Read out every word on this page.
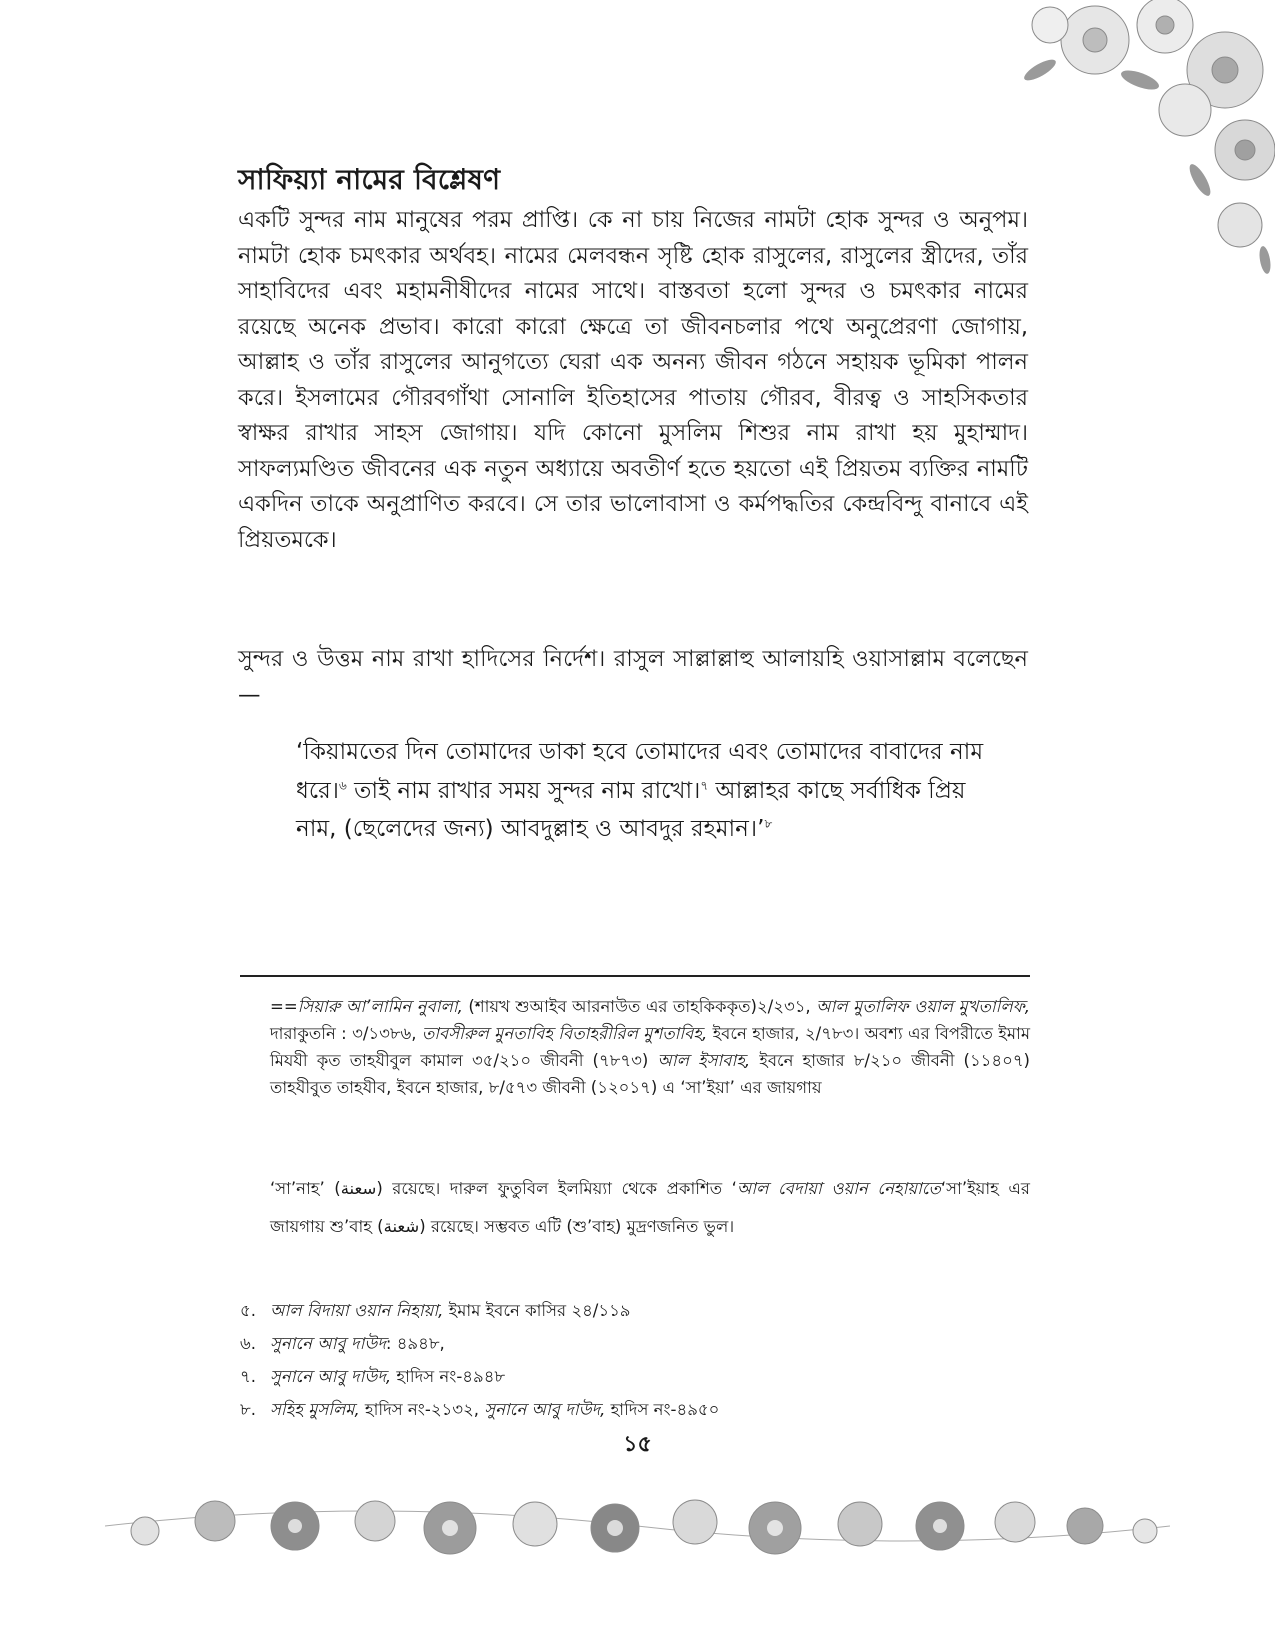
সাফিয়্যা নামের বিশ্লেষণ
একটি সুন্দর নাম মানুষের পরম প্রাপ্তি। কে না চায় নিজের নামটা হোক সুন্দর ও অনুপম। নামটা হোক চমৎকার অর্থবহ। নামের মেলবন্ধন সৃষ্টি হোক রাসুলের, রাসুলের স্ত্রীদের, তাঁর সাহাবিদের এবং মহামনীষীদের নামের সাথে। বাস্তবতা হলো সুন্দর ও চমৎকার নামের রয়েছে অনেক প্রভাব। কারো কারো ক্ষেত্রে তা জীবনচলার পথে অনুপ্রেরণা জোগায়, আল্লাহ ও তাঁর রাসুলের আনুগত্যে ঘেরা এক অনন্য জীবন গঠনে সহায়ক ভূমিকা পালন করে। ইসলামের গৌরবগাঁথা সোনালি ইতিহাসের পাতায় গৌরব, বীরত্ব ও সাহসিকতার স্বাক্ষর রাখার সাহস জোগায়। যদি কোনো মুসলিম শিশুর নাম রাখা হয় মুহাম্মাদ। সাফল্যমণ্ডিত জীবনের এক নতুন অধ্যায়ে অবতীর্ণ হতে হয়তো এই প্রিয়তম ব্যক্তির নামটি একদিন তাকে অনুপ্রাণিত করবে। সে তার ভালোবাসা ও কর্মপদ্ধতির কেন্দ্রবিন্দু বানাবে এই প্রিয়তমকে।
সুন্দর ও উত্তম নাম রাখা হাদিসের নির্দেশ। রাসুল সাল্লাল্লাহু আলায়হি ওয়াসাল্লাম বলেছেন—
‘কিয়ামতের দিন তোমাদের ডাকা হবে তোমাদের এবং তোমাদের বাবাদের নাম ধরে।$^৬$ তাই নাম রাখার সময় সুন্দর নাম রাখো।$^৭$ আল্লাহর কাছে সর্বাধিক প্রিয় নাম, (ছেলেদের জন্য) আবদুল্লাহ ও আবদুর রহমান।’$^৮$
==সিয়ারু আ’লামিন নুবালা, (শায়খ শুআইব আরনাউত এর তাহকিককৃত)২/২৩১, আল মুতালিফ ওয়াল মুখতালিফ, দারাকুতনি : ৩/১৩৮৬, তাবসীরুল মুনতাবিহ বিতাহরীরিল মুশতাবিহ, ইবনে হাজার, ২/৭৮৩। অবশ্য এর বিপরীতে ইমাম মিযযী কৃত তাহযীবুল কামাল ৩৫/২১০ জীবনী (৭৮৭৩) আল ইসাবাহ, ইবনে হাজার ৮/২১০ জীবনী (১১৪০৭) তাহযীবুত তাহযীব, ইবনে হাজার, ৮/৫৭৩ জীবনী (১২০১৭) এ ‘সা’ইয়া’ এর জায়গায়
‘সা’নাহ’ (سعنة) রয়েছে। দারুল ফুতুবিল ইলমিয়্যা থেকে প্রকাশিত ‘আল বেদায়া ওয়ান নেহায়াতে‘সা’ইয়াহ এর জায়গায় শু’বাহ (شعنة) রয়েছে। সম্ভবত এটি (শু’বাহ) মুদ্রণজনিত ভুল।
৫. আল বিদায়া ওয়ান নিহায়া, ইমাম ইবনে কাসির ২৪/১১৯
৬. সুনানে আবু দাউদ: ৪৯৪৮,
৭. সুনানে আবু দাউদ, হাদিস নং-৪৯৪৮
৮. সহিহ মুসলিম, হাদিস নং-২১৩২, সুনানে আবু দাউদ, হাদিস নং-৪৯৫০
১৫
